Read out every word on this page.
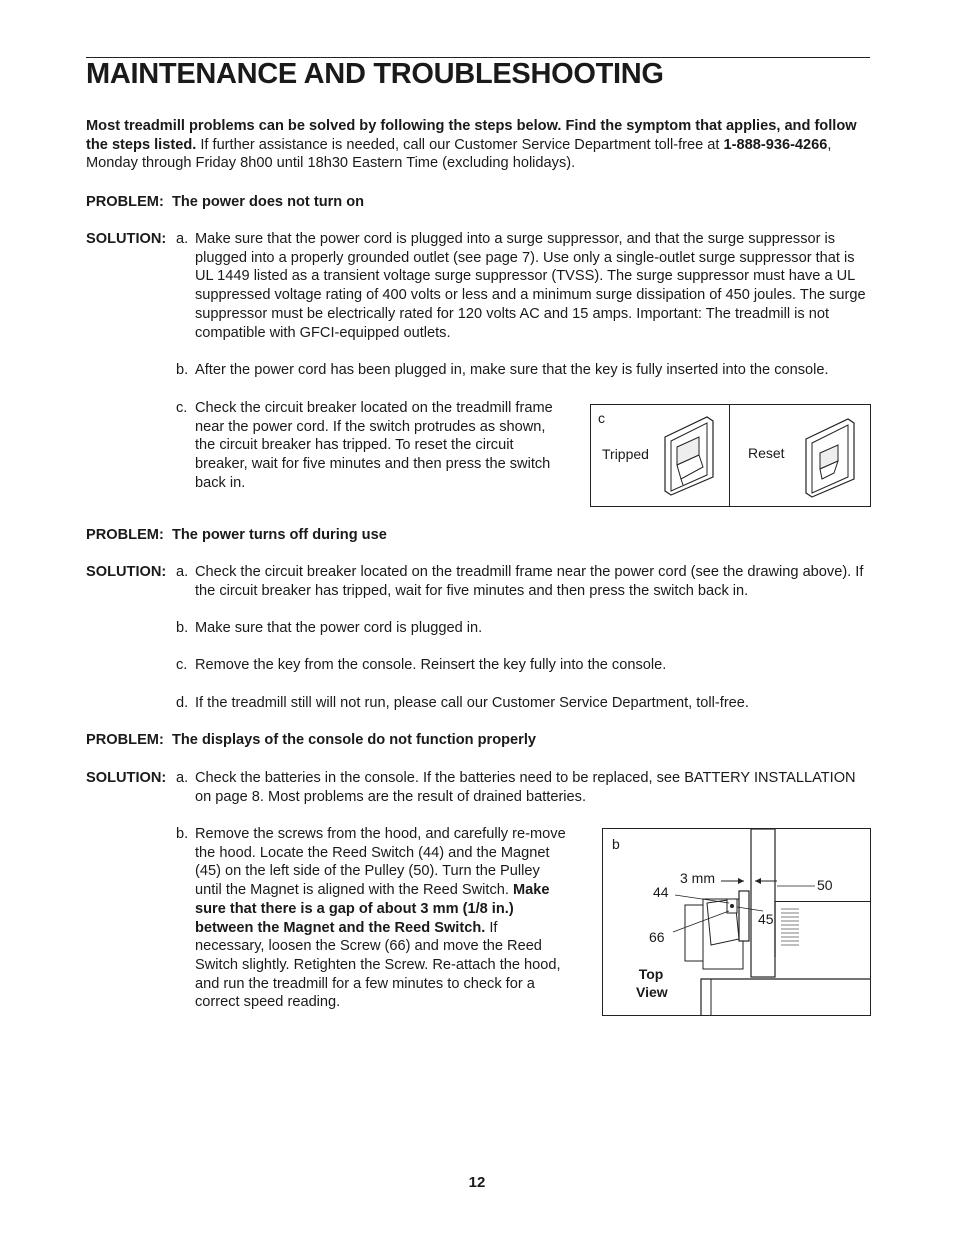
MAINTENANCE AND TROUBLESHOOTING

Most treadmill problems can be solved by following the steps below. Find the symptom that applies, and follow the steps listed. If further assistance is needed, call our Customer Service Department toll-free at 1-888-936-4266, Monday through Friday 8h00 until 18h30 Eastern Time (excluding holidays).

PROBLEM: The power does not turn on

SOLUTION: a. Make sure that the power cord is plugged into a surge suppressor, and that the surge suppressor is plugged into a properly grounded outlet (see page 7). Use only a single-outlet surge suppressor that is UL 1449 listed as a transient voltage surge suppressor (TVSS). The surge suppressor must have a UL suppressed voltage rating of 400 volts or less and a minimum surge dissipation of 450 joules. The surge suppressor must be electrically rated for 120 volts AC and 15 amps. Important: The treadmill is not compatible with GFCI-equipped outlets.

b. After the power cord has been plugged in, make sure that the key is fully inserted into the console.

c. Check the circuit breaker located on the treadmill frame near the power cord. If the switch protrudes as shown, the circuit breaker has tripped. To reset the circuit breaker, wait for five minutes and then press the switch back in.

c
Tripped	Reset

PROBLEM: The power turns off during use

SOLUTION: a. Check the circuit breaker located on the treadmill frame near the power cord (see the drawing above). If the circuit breaker has tripped, wait for five minutes and then press the switch back in.

b. Make sure that the power cord is plugged in.

c. Remove the key from the console. Reinsert the key fully into the console.

d. If the treadmill still will not run, please call our Customer Service Department, toll-free.

PROBLEM: The displays of the console do not function properly

SOLUTION: a. Check the batteries in the console. If the batteries need to be replaced, see BATTERY INSTALLATION on page 8. Most problems are the result of drained batteries.

b. Remove the screws from the hood, and carefully re-move the hood. Locate the Reed Switch (44) and the Magnet (45) on the left side of the Pulley (50). Turn the Pulley until the Magnet is aligned with the Reed Switch. Make sure that there is a gap of about 3 mm (1/8 in.) between the Magnet and the Reed Switch. If necessary, loosen the Screw (66) and move the Reed Switch slightly. Retighten the Screw. Re-attach the hood, and run the treadmill for a few minutes to check for a correct speed reading.

b
3 mm
44
45
50
66
Top
View
12
